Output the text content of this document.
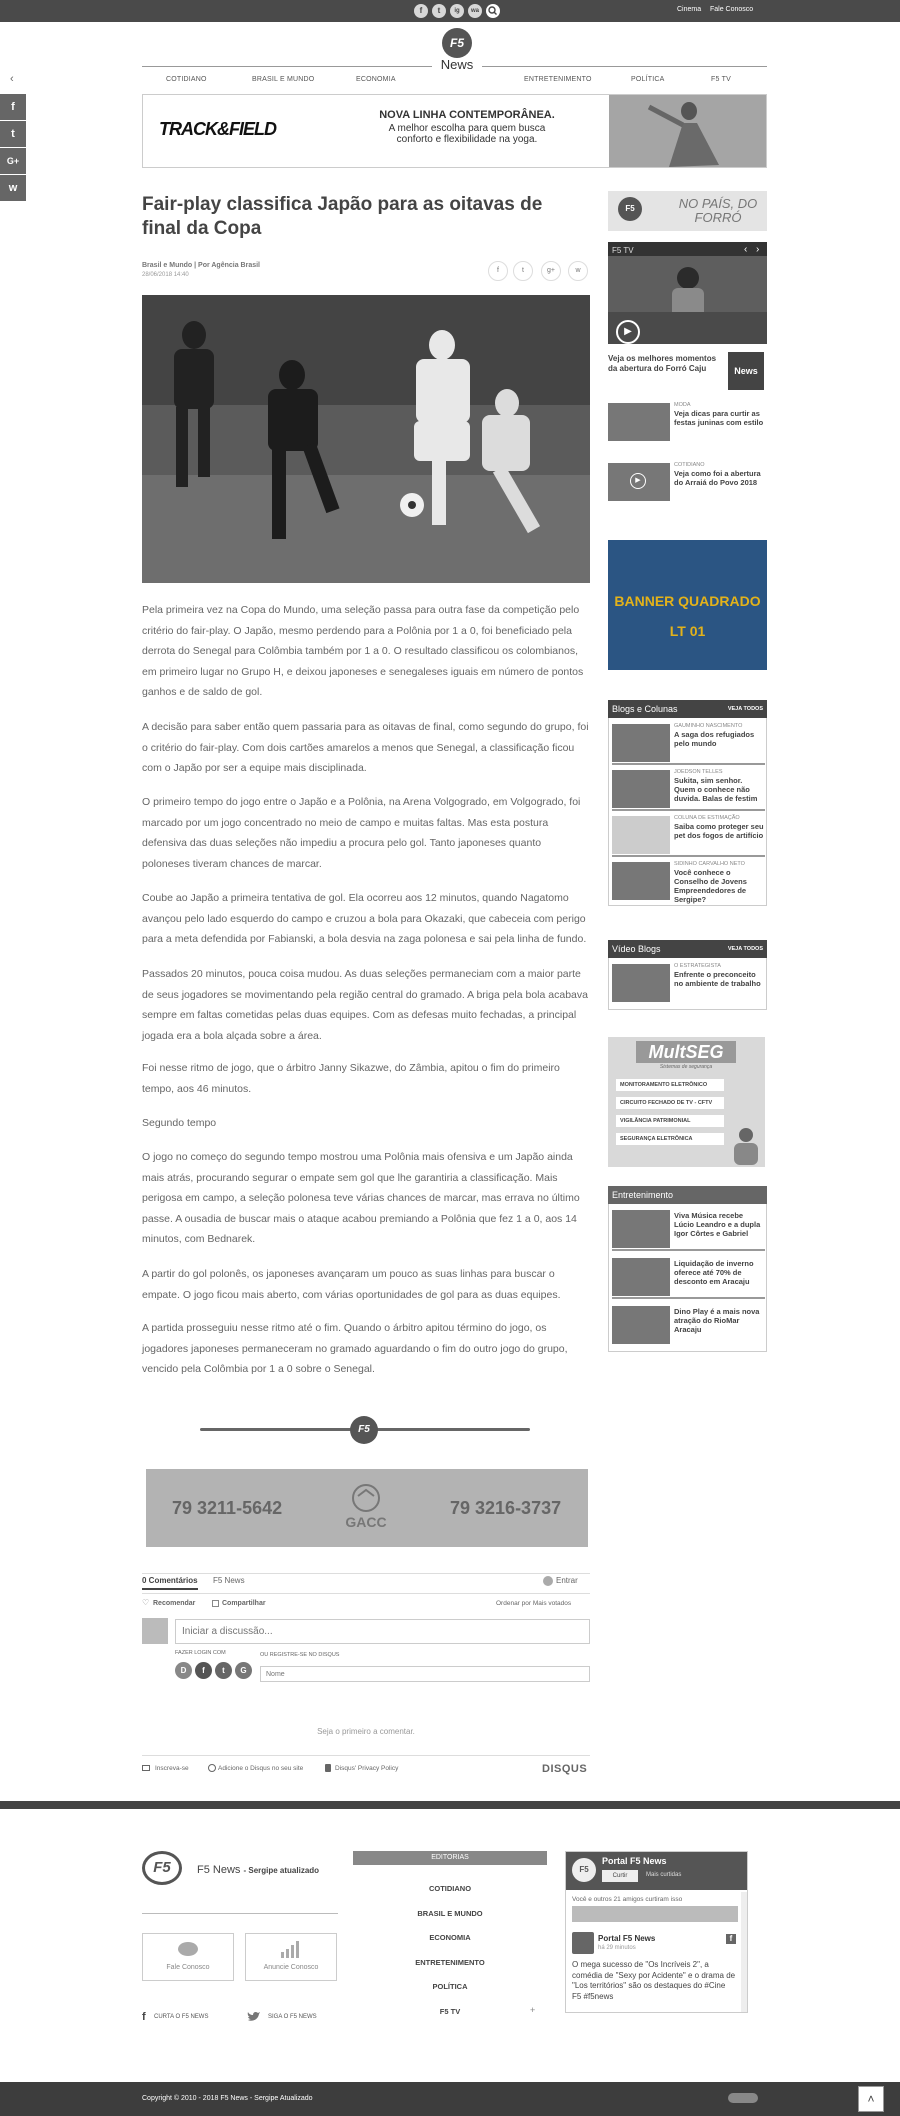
f	t	ig	wa	Cinema Fale Conosco
F5
News
‹	COTIDIANO	BRASIL E MUNDO	ECONOMIA	ENTRETENIMENTO	POLÍTICA	F5 TV
f
t
G+
w
TRACK&FIELD
NOVA LINHA CONTEMPORÂNEA.
A melhor escolha para quem busca
conforto e flexibilidade na yoga.
Fair-play classifica Japão para as oitavas de final da Copa
Brasil e Mundo | Por Agência Brasil
28/06/2018 14:40
f	t	g+	w
Pela primeira vez na Copa do Mundo, uma seleção passa para outra fase da competição pelo critério do fair-play. O Japão, mesmo perdendo para a Polônia por 1 a 0, foi beneficiado pela derrota do Senegal para Colômbia também por 1 a 0. O resultado classificou os colombianos, em primeiro lugar no Grupo H, e deixou japoneses e senegaleses iguais em número de pontos ganhos e de saldo de gol.
A decisão para saber então quem passaria para as oitavas de final, como segundo do grupo, foi o critério do fair-play. Com dois cartões amarelos a menos que Senegal, a classificação ficou com o Japão por ser a equipe mais disciplinada.
O primeiro tempo do jogo entre o Japão e a Polônia, na Arena Volgogrado, em Volgogrado, foi marcado por um jogo concentrado no meio de campo e muitas faltas. Mas esta postura defensiva das duas seleções não impediu a procura pelo gol. Tanto japoneses quanto poloneses tiveram chances de marcar.
Coube ao Japão a primeira tentativa de gol. Ela ocorreu aos 12 minutos, quando Nagatomo avançou pelo lado esquerdo do campo e cruzou a bola para Okazaki, que cabeceia com perigo para a meta defendida por Fabianski, a bola desvia na zaga polonesa e sai pela linha de fundo.
Passados 20 minutos, pouca coisa mudou. As duas seleções permaneciam com a maior parte de seus jogadores se movimentando pela região central do gramado. A briga pela bola acabava sempre em faltas cometidas pelas duas equipes. Com as defesas muito fechadas, a principal jogada era a bola alçada sobre a área.
Foi nesse ritmo de jogo, que o árbitro Janny Sikazwe, do Zâmbia, apitou o fim do primeiro tempo, aos 46 minutos.
Segundo tempo
O jogo no começo do segundo tempo mostrou uma Polônia mais ofensiva e um Japão ainda mais atrás, procurando segurar o empate sem gol que lhe garantiria a classificação. Mais perigosa em campo, a seleção polonesa teve várias chances de marcar, mas errava no último passe. A ousadia de buscar mais o ataque acabou premiando a Polônia que fez 1 a 0, aos 14 minutos, com Bednarek.
A partir do gol polonês, os japoneses avançaram um pouco as suas linhas para buscar o empate. O jogo ficou mais aberto, com várias oportunidades de gol para as duas equipes.
A partida prosseguiu nesse ritmo até o fim. Quando o árbitro apitou término do jogo, os jogadores japoneses permaneceram no gramado aguardando o fim do outro jogo do grupo, vencido pela Colômbia por 1 a 0 sobre o Senegal.
F5
79 3211-5642	79 3216-3737
GACC
0 Comentários F5 News	Entrar
♡ Recomendar	Compartilhar	Ordenar por Mais votados
Iniciar a discussão...
FAZER LOGIN COM
D	f	t	G
OU REGISTRE-SE NO DISQUS
Nome
Seja o primeiro a comentar.
Inscreva-se	Adicione o Disqus no seu site	Disqus' Privacy Policy	DISQUS
F5	NO PAÍS, DO FORRÓ
F5 TV	‹ ›
▶
Veja os melhores momentos da abertura do Forró Caju	News
MODA
Veja dicas para curtir as festas juninas com estilo
▶
COTIDIANO
Veja como foi a abertura do Arraiá do Povo 2018
BANNER QUADRADO
LT 01
Blogs e Colunas	VEJA TODOS
GAUMINHO NASCIMENTO
A saga dos refugiados pelo mundo
JOEDSON TELLES
Sukita, sim senhor. Quem o conhece não duvida. Balas de festim
COLUNA DE ESTIMAÇÃO
Saiba como proteger seu pet dos fogos de artifício
SIDINHO CARVALHO NETO
Você conhece o Conselho de Jovens Empreendedores de Sergipe?
Vídeo Blogs	VEJA TODOS
O ESTRATEGISTA
Enfrente o preconceito no ambiente de trabalho
MultSEG
Sistemas de segurança
MONITORAMENTO ELETRÔNICO
CIRCUITO FECHADO DE TV - CFTV
VIGILÂNCIA PATRIMONIAL
SEGURANÇA ELETRÔNICA
Entretenimento
Viva Música recebe Lúcio Leandro e a dupla Igor Côrtes e Gabriel
Liquidação de inverno oferece até 70% de desconto em Aracaju
Dino Play é a mais nova atração do RioMar Aracaju
F5	F5 News - Sergipe atualizado
Fale Conosco	Anuncie Conosco
f CURTA O F5 NEWS	SIGA O F5 NEWS
EDITORIAS
COTIDIANO
BRASIL E MUNDO
ECONOMIA
ENTRETENIMENTO
POLÍTICA
F5 TV	+
F5
Portal F5 News
Curtir	Mais curtidas
Você e outros 21 amigos curtiram isso
Portal F5 News
há 29 minutos
f
O mega sucesso de "Os Incríveis 2", a comédia de "Sexy por Acidente" e o drama de "Los territórios" são os destaques do #Cine F5 #f5news
Copyright © 2010 - 2018 F5 News - Sergipe Atualizado	˄
